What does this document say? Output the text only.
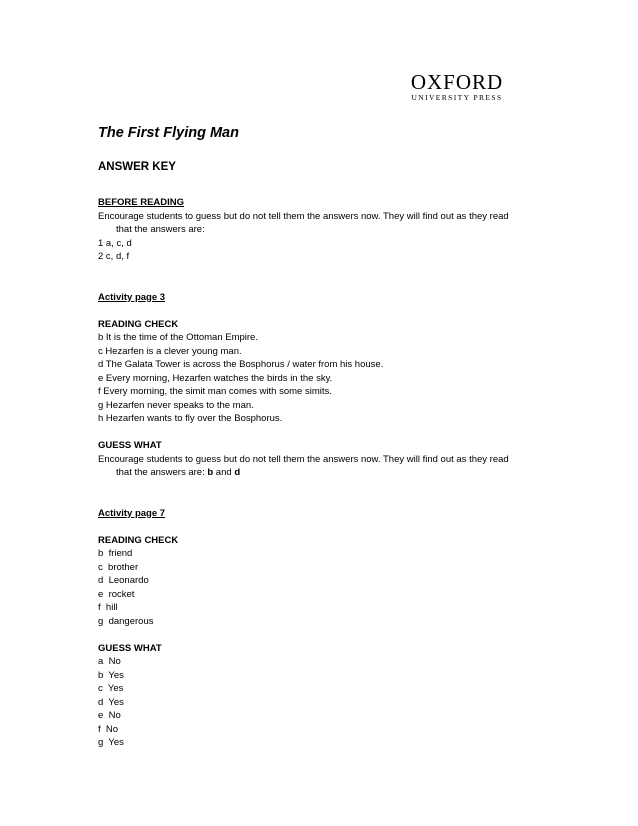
OXFORD
UNIVERSITY PRESS
The First Flying Man
ANSWER KEY
BEFORE READING
Encourage students to guess but do not tell them the answers now. They will find out as they read
that the answers are:
1 a, c, d
2 c, d, f
Activity page 3
READING CHECK
b It is the time of the Ottoman Empire.
c Hezarfen is a clever young man.
d The Galata Tower is across the Bosphorus / water from his house.
e Every morning, Hezarfen watches the birds in the sky.
f Every morning, the simit man comes with some simits.
g Hezarfen never speaks to the man.
h Hezarfen wants to fly over the Bosphorus.
GUESS WHAT
Encourage students to guess but do not tell them the answers now. They will find out as they read
that the answers are: b and d
Activity page 7
READING CHECK
b friend
c brother
d Leonardo
e rocket
f hill
g dangerous
GUESS WHAT
a No
b Yes
c Yes
d Yes
e No
f No
g Yes
